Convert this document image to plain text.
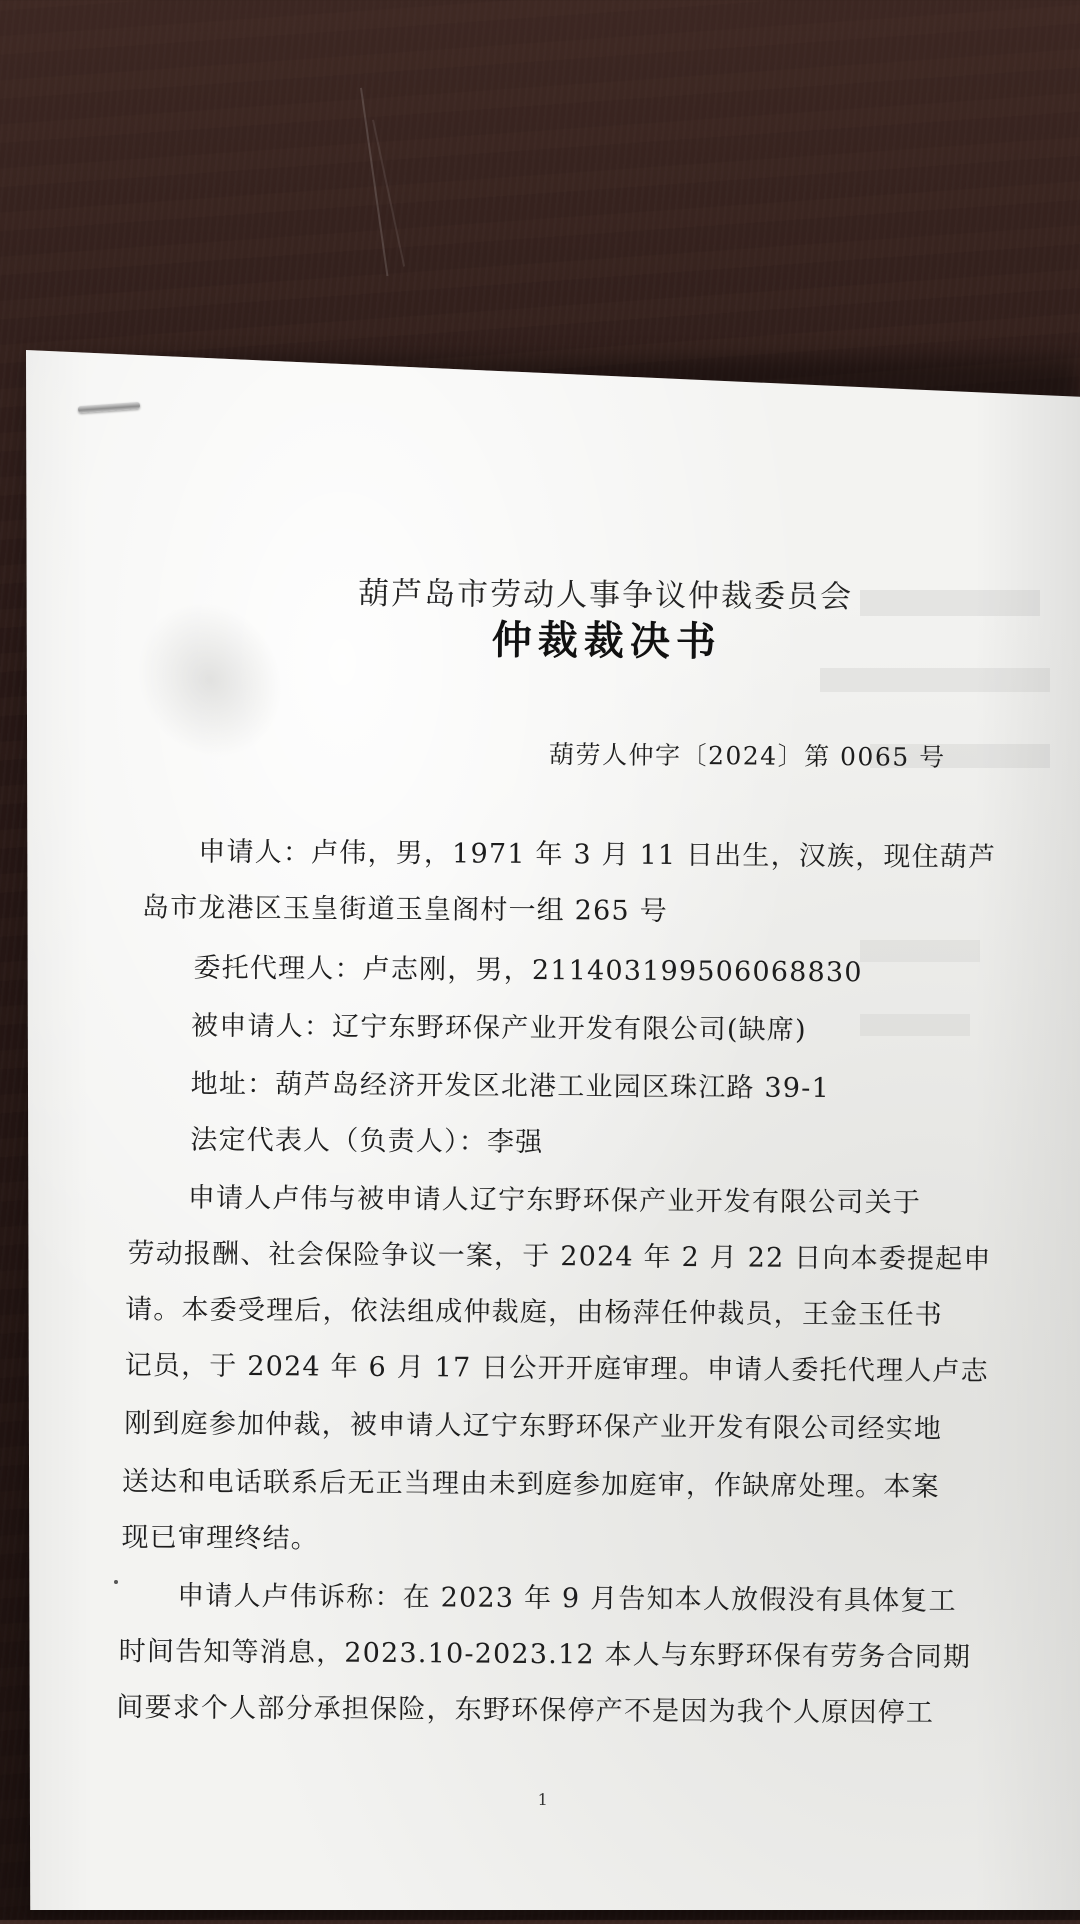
葫芦岛市劳动人事争议仲裁委员会
仲裁裁决书
葫劳人仲字〔2024〕第 0065 号
申请人：卢伟，男，1971 年 3 月 11 日出生，汉族，现住葫芦
岛市龙港区玉皇街道玉皇阁村一组 265 号
委托代理人：卢志刚，男，211403199506068830
被申请人：辽宁东野环保产业开发有限公司(缺席)
地址：葫芦岛经济开发区北港工业园区珠江路 39-1
法定代表人（负责人）：李强
申请人卢伟与被申请人辽宁东野环保产业开发有限公司关于
劳动报酬、社会保险争议一案，于 2024 年 2 月 22 日向本委提起申
请。本委受理后，依法组成仲裁庭，由杨萍任仲裁员，王金玉任书
记员，于 2024 年 6 月 17 日公开开庭审理。申请人委托代理人卢志
刚到庭参加仲裁，被申请人辽宁东野环保产业开发有限公司经实地
送达和电话联系后无正当理由未到庭参加庭审，作缺席处理。本案
现已审理终结。
申请人卢伟诉称：在 2023 年 9 月告知本人放假没有具体复工
时间告知等消息，2023.10-2023.12 本人与东野环保有劳务合同期
间要求个人部分承担保险，东野环保停产不是因为我个人原因停工
1
